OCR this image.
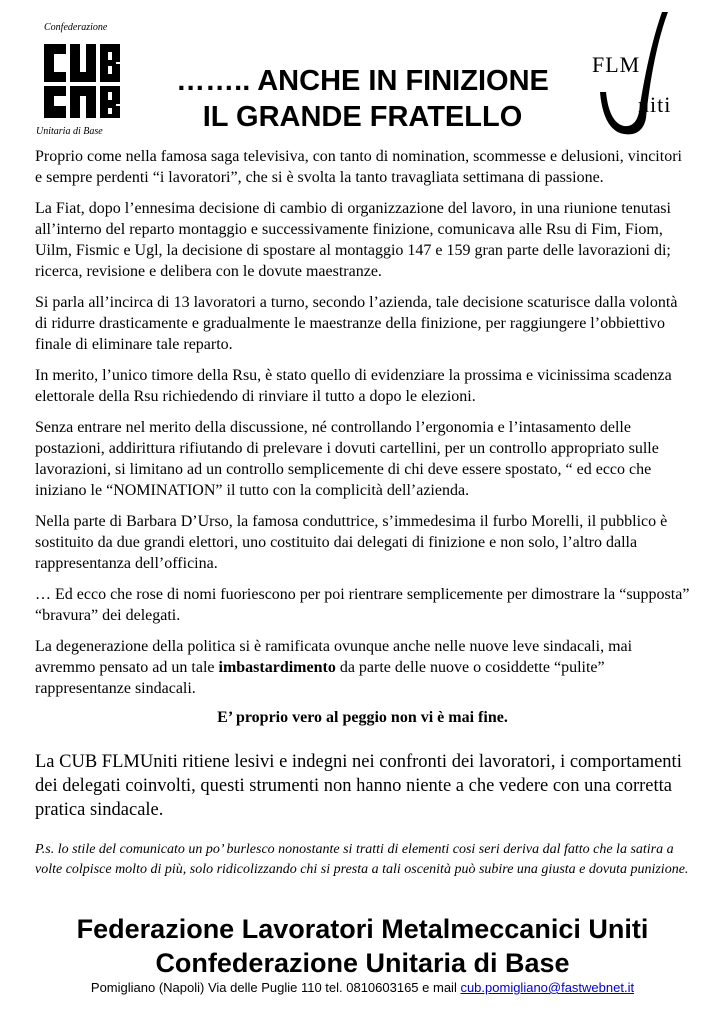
Confederazione
Unitaria di Base
FLM
niti
…….. ANCHE IN FINIZIONE
IL GRANDE FRATELLO

Proprio come nella famosa saga televisiva, con tanto di nomination, scommesse e delusioni, vincitori e sempre perdenti “i lavoratori”, che si è svolta la tanto travagliata settimana di passione.

La Fiat, dopo l’ennesima decisione di cambio di organizzazione del lavoro, in una riunione tenutasi all’interno del reparto montaggio e successivamente finizione, comunicava alle Rsu di Fim, Fiom, Uilm, Fismic e Ugl, la decisione di spostare al montaggio 147 e 159 gran parte delle lavorazioni di; ricerca, revisione e delibera con le dovute maestranze.

Si parla all’incirca di 13 lavoratori a turno, secondo l’azienda, tale decisione scaturisce dalla volontà di ridurre drasticamente e gradualmente le maestranze della finizione, per raggiungere l’obbiettivo finale di eliminare tale reparto.

In merito, l’unico timore della Rsu, è stato quello di evidenziare la prossima e vicinissima scadenza elettorale della Rsu richiedendo di rinviare il tutto a dopo le elezioni.

Senza entrare nel merito della discussione, né controllando l’ergonomia e l’intasamento delle postazioni, addirittura rifiutando di prelevare i dovuti cartellini, per un controllo appropriato sulle lavorazioni, si limitano ad un controllo semplicemente di chi deve essere spostato, “ ed ecco che iniziano le “NOMINATION” il tutto con la complicità dell’azienda.

Nella parte di Barbara D’Urso, la famosa conduttrice, s’immedesima il furbo Morelli, il pubblico è sostituito da due grandi elettori, uno costituito dai delegati di finizione e non solo, l’altro dalla rappresentanza dell’officina.

… Ed ecco che rose di nomi fuoriescono per poi rientrare semplicemente per dimostrare la “supposta” “bravura” dei delegati.

La degenerazione della politica si è ramificata ovunque anche nelle nuove leve sindacali, mai avremmo pensato ad un tale imbastardimento da parte delle nuove o cosiddette “pulite” rappresentanze sindacali.

E’ proprio vero al peggio non vi è mai fine.

La CUB FLMUniti ritiene lesivi e indegni nei confronti dei lavoratori, i comportamenti dei delegati coinvolti, questi strumenti non hanno niente a che vedere con una corretta pratica sindacale.

P.s. lo stile del comunicato un po’ burlesco nonostante si tratti di elementi cosi seri deriva dal fatto che la satira a volte colpisce molto di più, solo ridicolizzando chi si presta a tali oscenità può subire una giusta e dovuta punizione.

Federazione Lavoratori Metalmeccanici Uniti
Confederazione Unitaria di Base
Pomigliano (Napoli) Via delle Puglie 110 tel. 0810603165 e mail cub.pomigliano@fastwebnet.it
